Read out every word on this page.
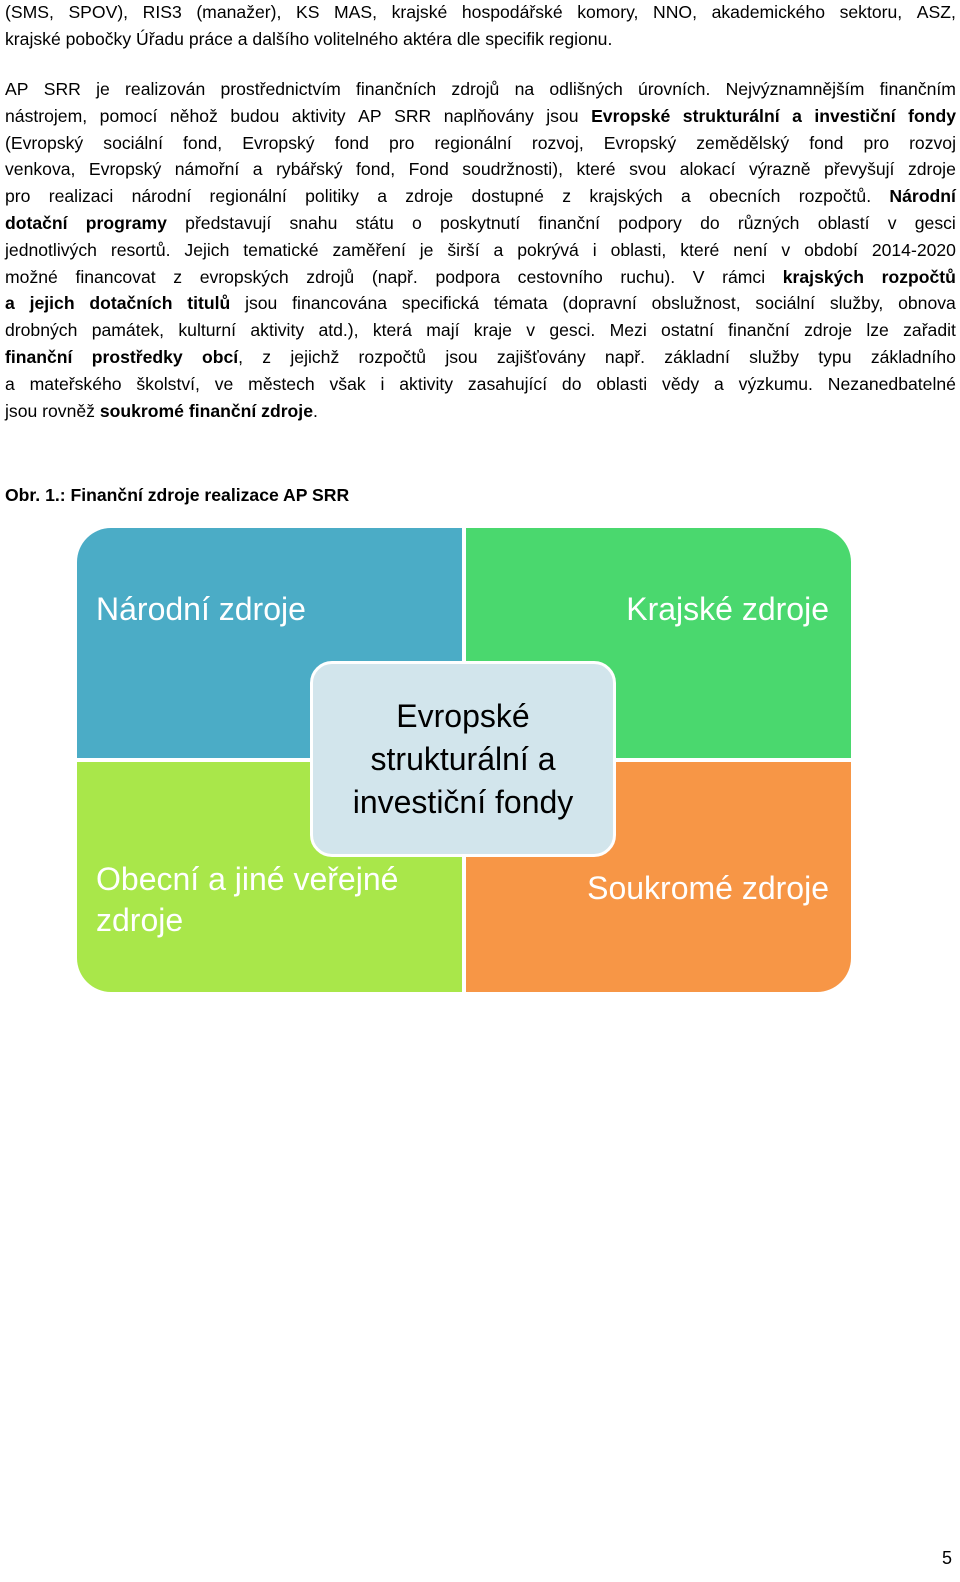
(SMS, SPOV), RIS3 (manažer), KS MAS, krajské hospodářské komory, NNO, akademického sektoru, ASZ,
krajské pobočky Úřadu práce a dalšího volitelného aktéra dle specifik regionu.
AP SRR je realizován prostřednictvím finančních zdrojů na odlišných úrovních. Nejvýznamnějším finančním
nástrojem, pomocí něhož budou aktivity AP SRR naplňovány jsou Evropské strukturální a investiční fondy
(Evropský sociální fond, Evropský fond pro regionální rozvoj, Evropský zemědělský fond pro rozvoj
venkova, Evropský námořní a rybářský fond, Fond soudržnosti), které svou alokací výrazně převyšují zdroje
pro realizaci národní regionální politiky a zdroje dostupné z krajských a obecních rozpočtů. Národní
dotační programy představují snahu státu o poskytnutí finanční podpory do různých oblastí v gesci
jednotlivých resortů. Jejich tematické zaměření je širší a pokrývá i oblasti, které není v období 2014-2020
možné financovat z evropských zdrojů (např. podpora cestovního ruchu). V rámci krajských rozpočtů
a jejich dotačních titulů jsou financována specifická témata (dopravní obslužnost, sociální služby, obnova
drobných památek, kulturní aktivity atd.), která mají kraje v gesci. Mezi ostatní finanční zdroje lze zařadit
finanční prostředky obcí, z jejichž rozpočtů jsou zajišťovány např. základní služby typu základního
a mateřského školství, ve městech však i aktivity zasahující do oblasti vědy a výzkumu. Nezanedbatelné
jsou rovněž soukromé finanční zdroje.
Obr. 1.: Finanční zdroje realizace AP SRR
Národní zdroje	Krajské zdroje
Obecní a jiné veřejné zdroje
Soukromé zdroje
Evropské strukturální a investiční fondy
5
